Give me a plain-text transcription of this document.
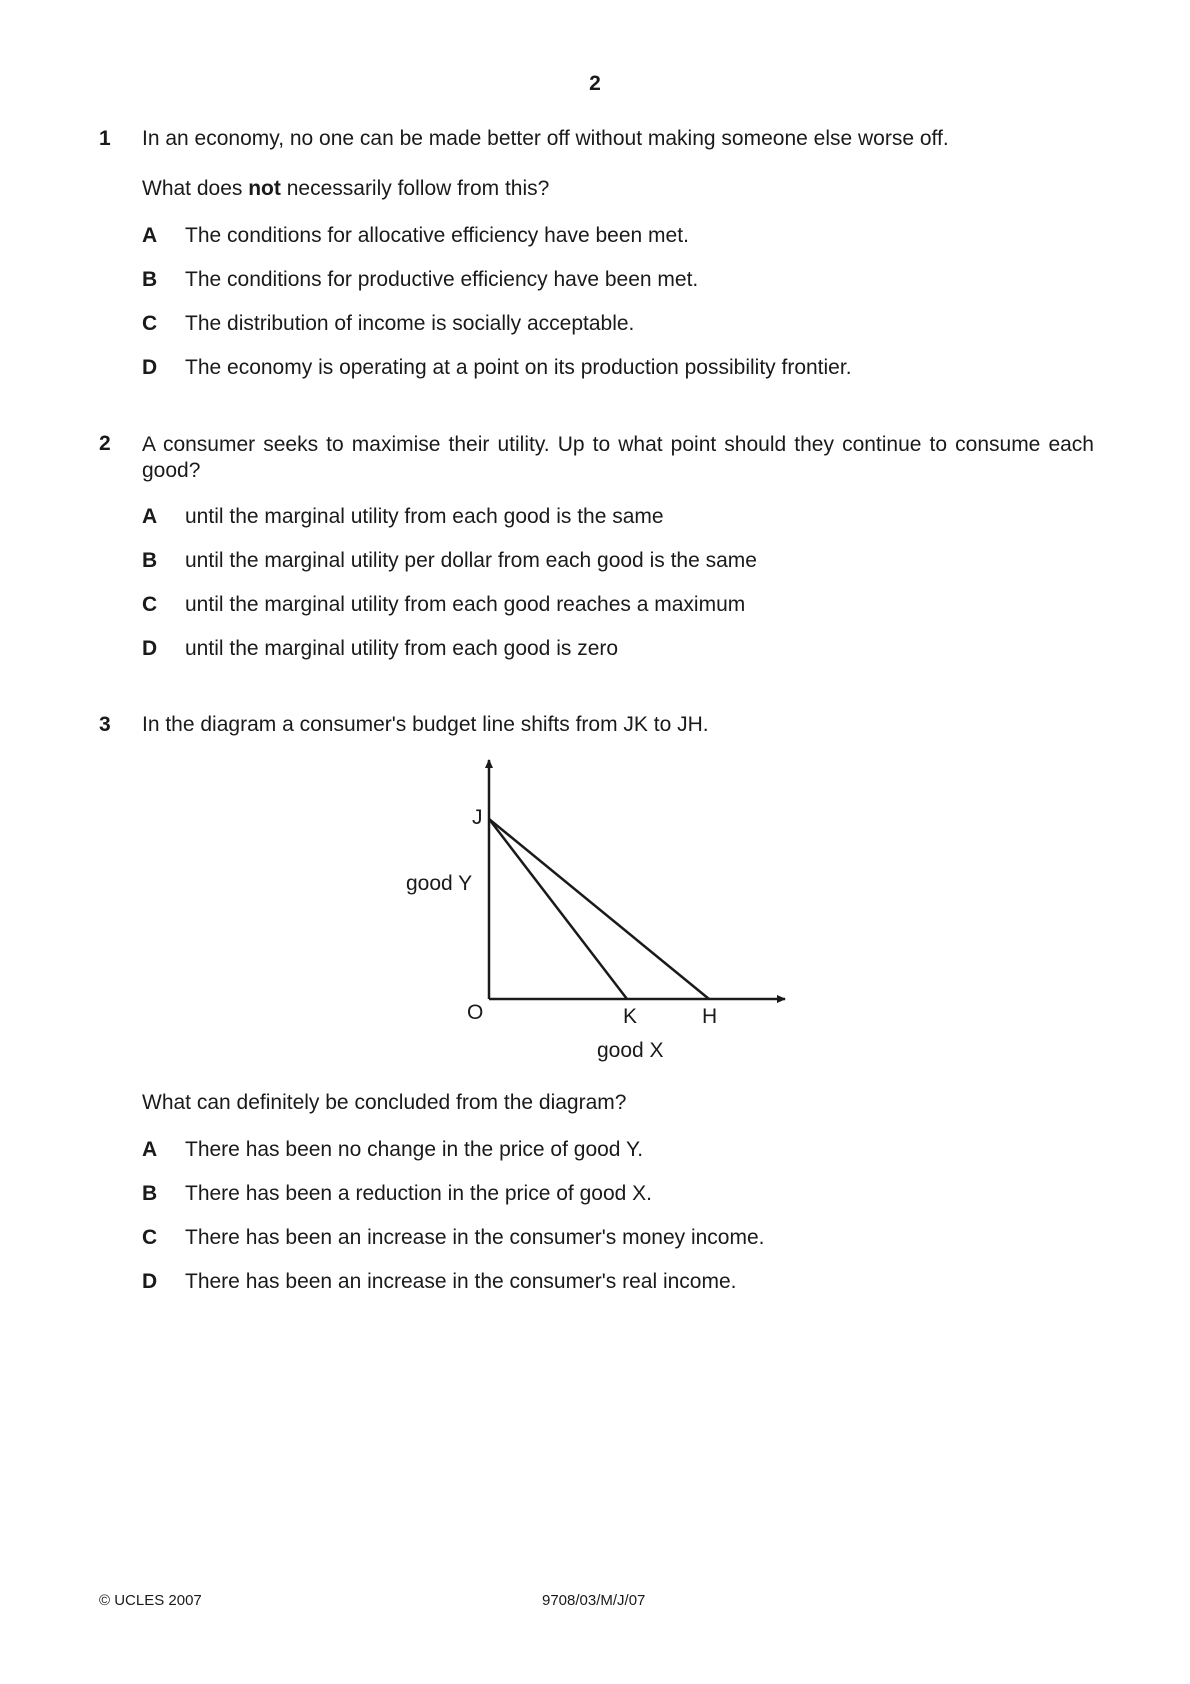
2
1 In an economy, no one can be made better off without making someone else worse off.
What does not necessarily follow from this?
A The conditions for allocative efficiency have been met.
B The conditions for productive efficiency have been met.
C The distribution of income is socially acceptable.
D The economy is operating at a point on its production possibility frontier.
2 A consumer seeks to maximise their utility. Up to what point should they continue to consume each good?
A until the marginal utility from each good is the same
B until the marginal utility per dollar from each good is the same
C until the marginal utility from each good reaches a maximum
D until the marginal utility from each good is zero
3 In the diagram a consumer's budget line shifts from JK to JH.
J
good Y
O	K	H
good X
What can definitely be concluded from the diagram?
A There has been no change in the price of good Y.
B There has been a reduction in the price of good X.
C There has been an increase in the consumer's money income.
D There has been an increase in the consumer's real income.
© UCLES 2007	9708/03/M/J/07
